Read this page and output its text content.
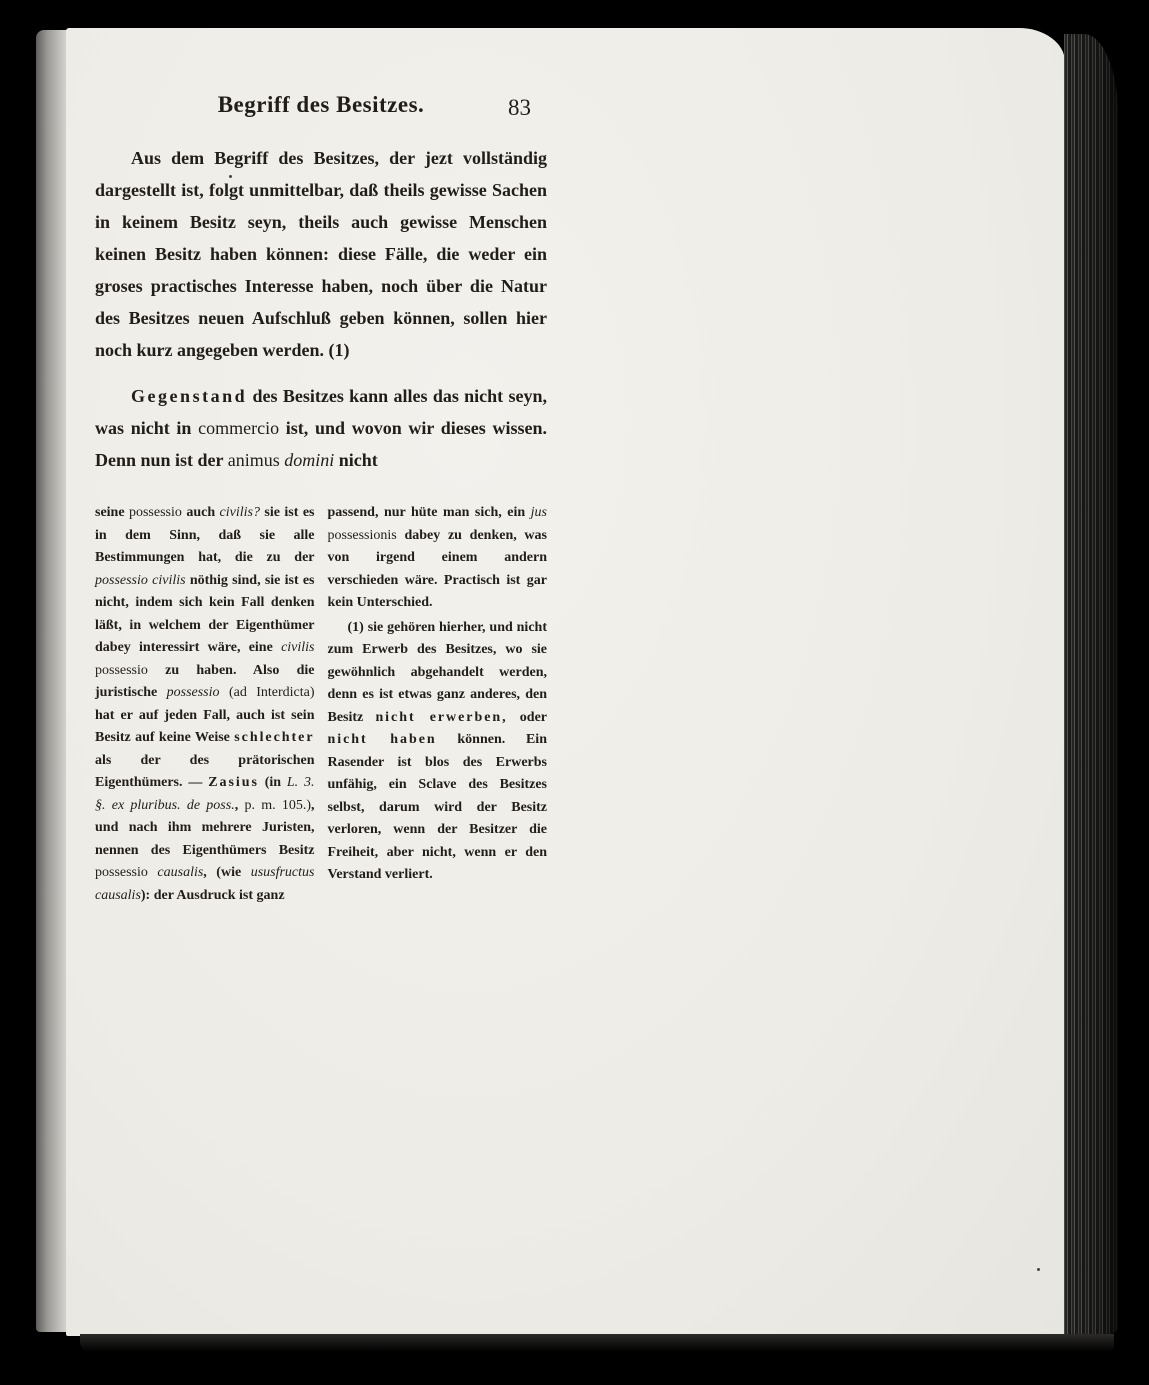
Begriff des Besitzes.	83
Aus dem Begriff des Besitzes, der jezt vollständig dargestellt ist, folgt unmittelbar, daß theils gewisse Sachen in keinem Besitz seyn, theils auch gewisse Menschen keinen Besitz haben können: diese Fälle, die weder ein groses practisches Interesse haben, noch über die Natur des Besitzes neuen Aufschluß geben können, sollen hier noch kurz angegeben werden. (1)
Gegenstand des Besitzes kann alles das nicht seyn, was nicht in commercio ist, und wovon wir dieses wissen. Denn nun ist der animus domini nicht
seine possessio auch civilis? sie ist es in dem Sinn, daß sie alle Bestimmungen hat, die zu der possessio civilis nöthig sind, sie ist es nicht, indem sich kein Fall denken läßt, in welchem der Eigenthümer dabey interessirt wäre, eine civilis possessio zu haben. Also die juristische possessio (ad Interdicta) hat er auf jeden Fall, auch ist sein Besitz auf keine Weise schlechter als der des prätorischen Eigenthümers. — Zasius (in L. 3. §. ex pluribus. de poss., p. m. 105.), und nach ihm mehrere Juristen, nennen des Eigenthümers Besitz possessio causalis, (wie ususfructus causalis): der Ausdruck ist ganz
passend, nur hüte man sich, ein jus possessionis dabey zu denken, was von irgend einem andern verschieden wäre. Practisch ist gar kein Unterschied.
(1) sie gehören hierher, und nicht zum Erwerb des Besitzes, wo sie gewöhnlich abgehandelt werden, denn es ist etwas ganz anderes, den Besitz nicht erwerben, oder nicht haben können. Ein Rasender ist blos des Erwerbs unfähig, ein Sclave des Besitzes selbst, darum wird der Besitz verloren, wenn der Besitzer die Freiheit, aber nicht, wenn er den Verstand verliert.
